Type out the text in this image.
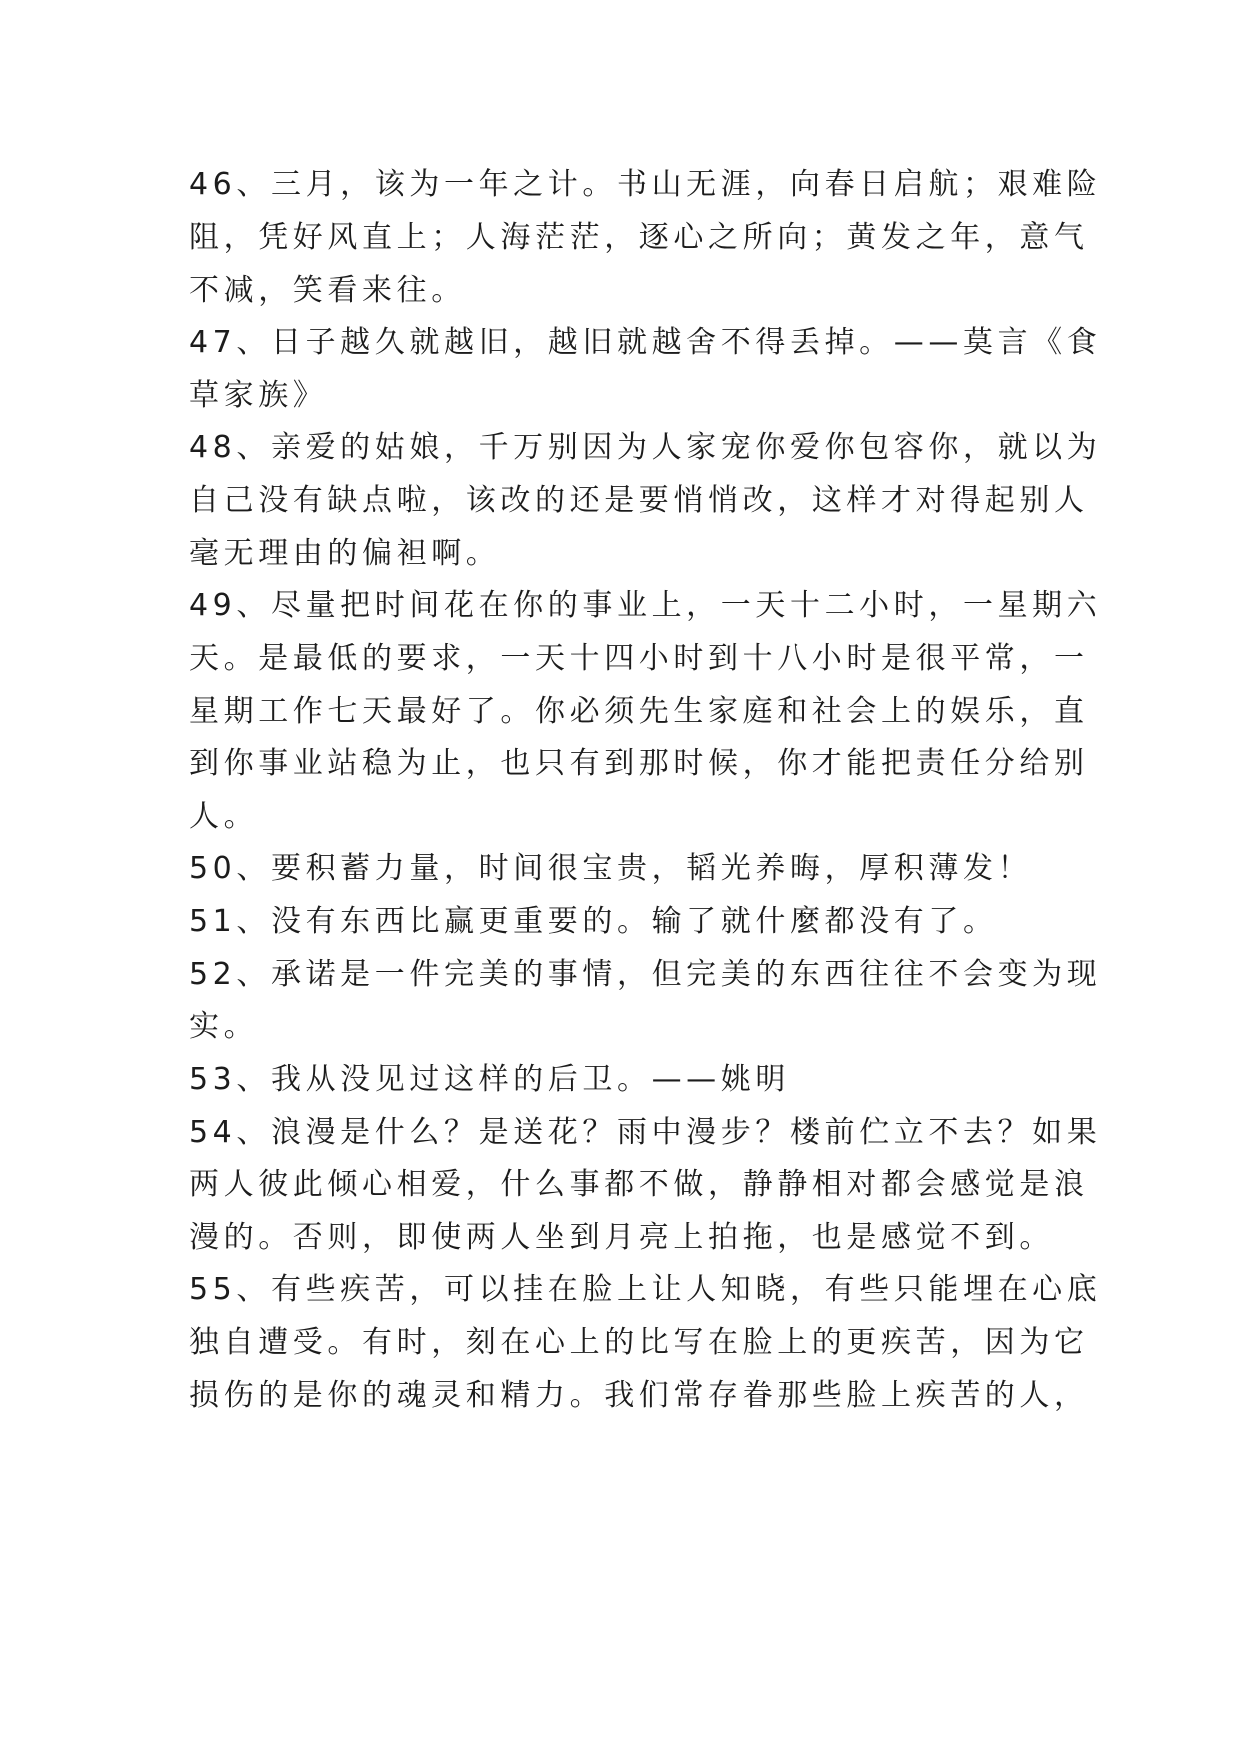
46、三月，该为一年之计。书山无涯，向春日启航；艰难险

阻，凭好风直上；人海茫茫，逐心之所向；黄发之年，意气

不减，笑看来往。

47、日子越久就越旧，越旧就越舍不得丢掉。——莫言《食

草家族》

48、亲爱的姑娘，千万别因为人家宠你爱你包容你，就以为

自己没有缺点啦，该改的还是要悄悄改，这样才对得起别人

毫无理由的偏袒啊。

49、尽量把时间花在你的事业上，一天十二小时，一星期六

天。是最低的要求，一天十四小时到十八小时是很平常，一

星期工作七天最好了。你必须先生家庭和社会上的娱乐，直

到你事业站稳为止，也只有到那时候，你才能把责任分给别

人。

50、要积蓄力量，时间很宝贵，韬光养晦，厚积薄发！

51、没有东西比赢更重要的。输了就什麼都没有了。

52、承诺是一件完美的事情，但完美的东西往往不会变为现

实。

53、我从没见过这样的后卫。——姚明

54、浪漫是什么？是送花？雨中漫步？楼前伫立不去？如果

两人彼此倾心相爱，什么事都不做，静静相对都会感觉是浪

漫的。否则，即使两人坐到月亮上拍拖，也是感觉不到。

55、有些疾苦，可以挂在脸上让人知晓，有些只能埋在心底

独自遭受。有时，刻在心上的比写在脸上的更疾苦，因为它

损伤的是你的魂灵和精力。我们常存眷那些脸上疾苦的人，
